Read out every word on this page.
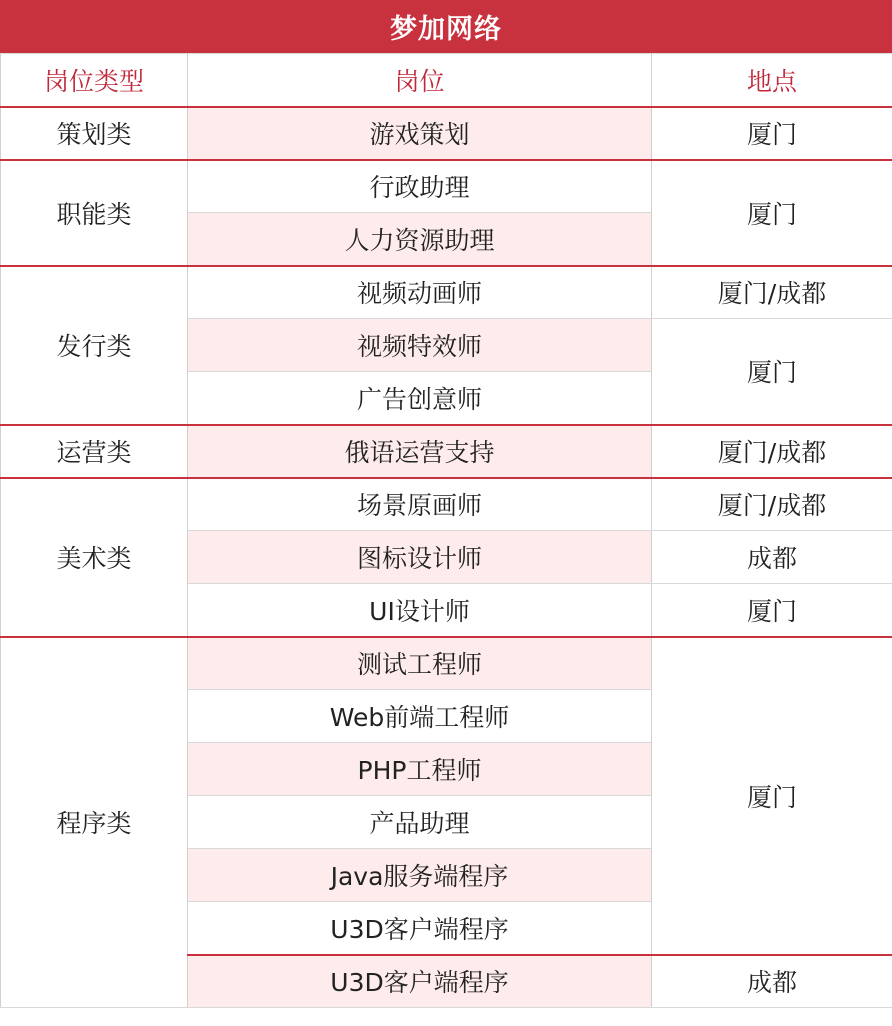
梦加网络
岗位类型	岗位	地点
策划类	游戏策划	厦门
职能类	行政助理	厦门
	人力资源助理	
发行类	视频动画师	厦门/成都
	视频特效师	厦门
	广告创意师	
运营类	俄语运营支持	厦门/成都
美术类	场景原画师	厦门/成都
	图标设计师	成都
	UI设计师	厦门
程序类	测试工程师	厦门
	Web前端工程师	
	PHP工程师	
	产品助理	
	Java服务端程序	
	U3D客户端程序	
	U3D客户端程序	成都
